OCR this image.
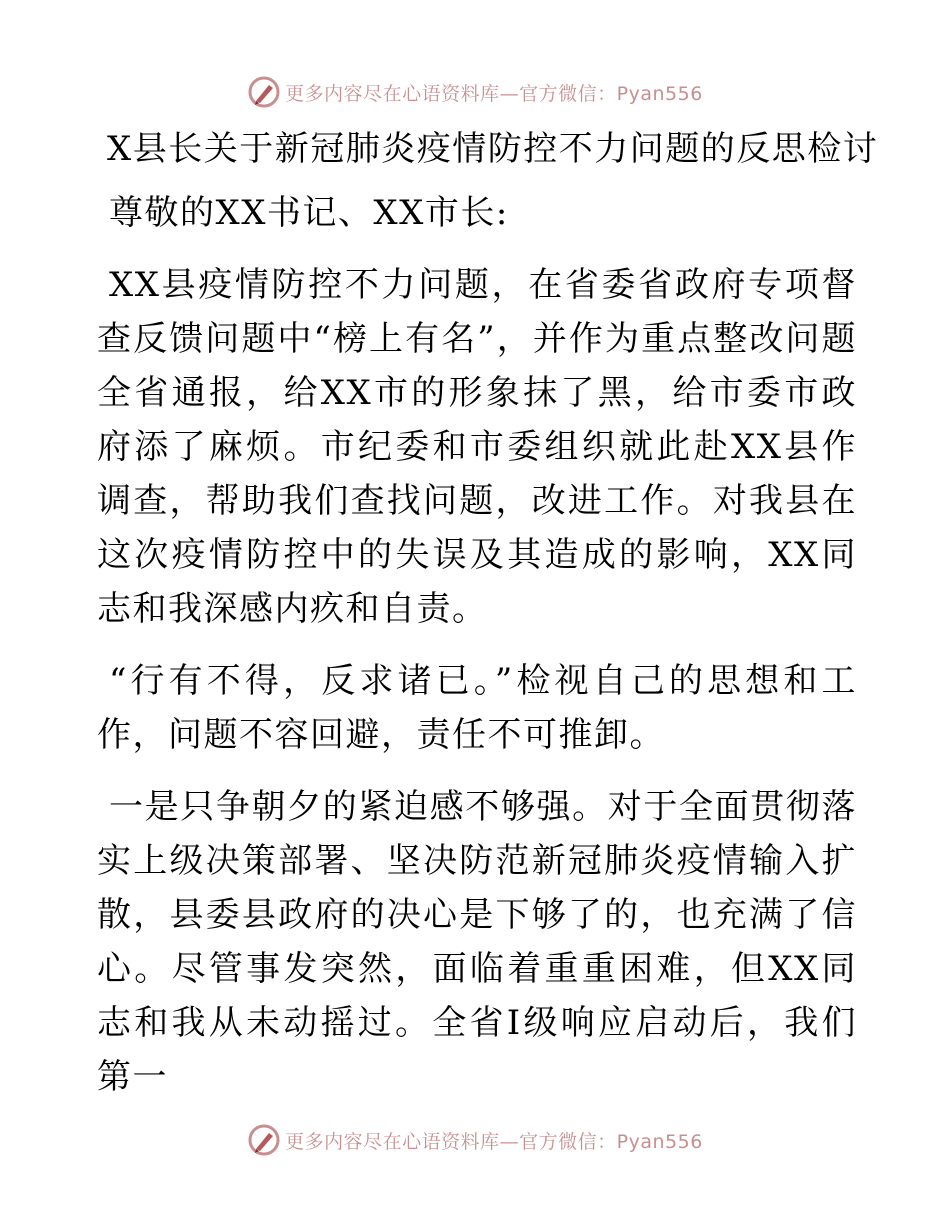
更多内容尽在心语资料库—官方微信：Pyan556
X县长关于新冠肺炎疫情防控不力问题的反思检讨
尊敬的XX书记、XX市长:

XX县疫情防控不力问题，在省委省政府专项督查反馈问题中“榜上有名”，并作为重点整改问题全省通报，给XX市的形象抹了黑，给市委市政府添了麻烦。市纪委和市委组织就此赴XX县作调查，帮助我们查找问题，改进工作。对我县在这次疫情防控中的失误及其造成的影响，XX同志和我深感内疚和自责。

“行有不得，反求诸已。”检视自己的思想和工作，问题不容回避，责任不可推卸。

一是只争朝夕的紧迫感不够强。对于全面贯彻落实上级决策部署、坚决防范新冠肺炎疫情输入扩散，县委县政府的决心是下够了的，也充满了信心。尽管事发突然，面临着重重困难，但XX同志和我从未动摇过。全省Ⅰ级响应启动后，我们第一

更多内容尽在心语资料库—官方微信：Pyan556
